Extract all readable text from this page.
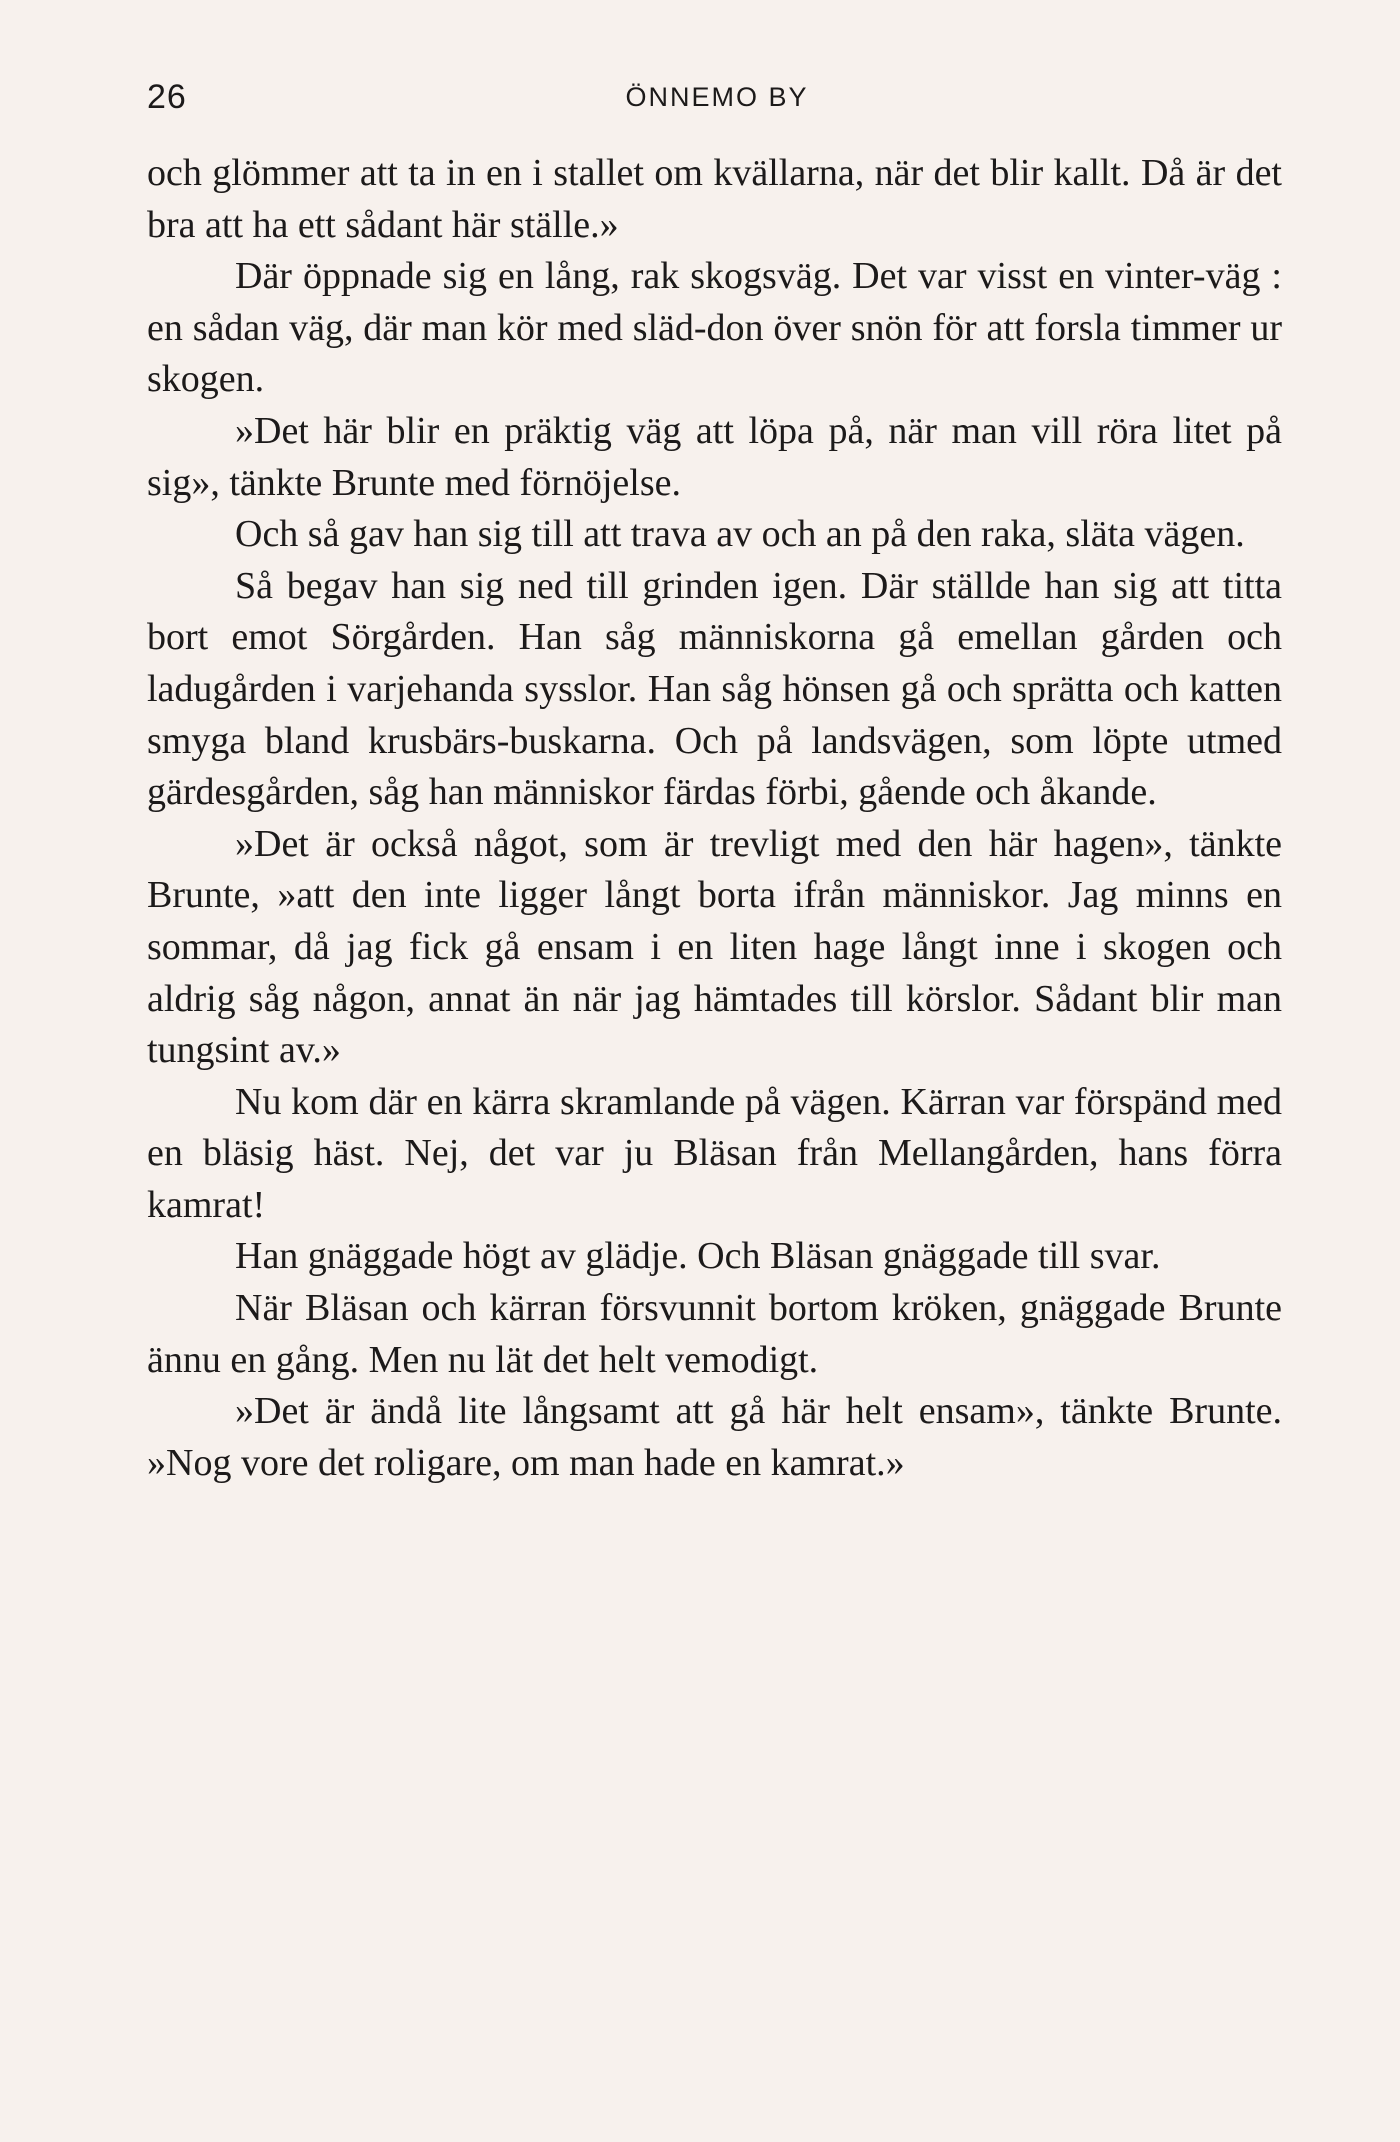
26	ÖNNEMO BY

och glömmer att ta in en i stallet om kvällarna, när det blir kallt. Då är det bra att ha ett sådant här ställe.»

Där öppnade sig en lång, rak skogsväg. Det var visst en vinter-väg : en sådan väg, där man kör med släd-don över snön för att forsla timmer ur skogen.

»Det här blir en präktig väg att löpa på, när man vill röra litet på sig», tänkte Brunte med förnöjelse.

Och så gav han sig till att trava av och an på den raka, släta vägen.

Så begav han sig ned till grinden igen. Där ställde han sig att titta bort emot Sörgården. Han såg människorna gå emellan gården och ladugården i varjehanda sysslor. Han såg hönsen gå och sprätta och katten smyga bland krusbärs-buskarna. Och på landsvägen, som löpte utmed gärdesgården, såg han människor färdas förbi, gående och åkande.

»Det är också något, som är trevligt med den här hagen», tänkte Brunte, »att den inte ligger långt borta ifrån människor. Jag minns en sommar, då jag fick gå ensam i en liten hage långt inne i skogen och aldrig såg någon, annat än när jag hämtades till körslor. Sådant blir man tungsint av.»

Nu kom där en kärra skramlande på vägen. Kärran var förspänd med en bläsig häst. Nej, det var ju Bläsan från Mellangården, hans förra kamrat!

Han gnäggade högt av glädje. Och Bläsan gnäggade till svar.

När Bläsan och kärran försvunnit bortom kröken, gnäggade Brunte ännu en gång. Men nu lät det helt vemodigt.

»Det är ändå lite långsamt att gå här helt ensam», tänkte Brunte. »Nog vore det roligare, om man hade en kamrat.»
